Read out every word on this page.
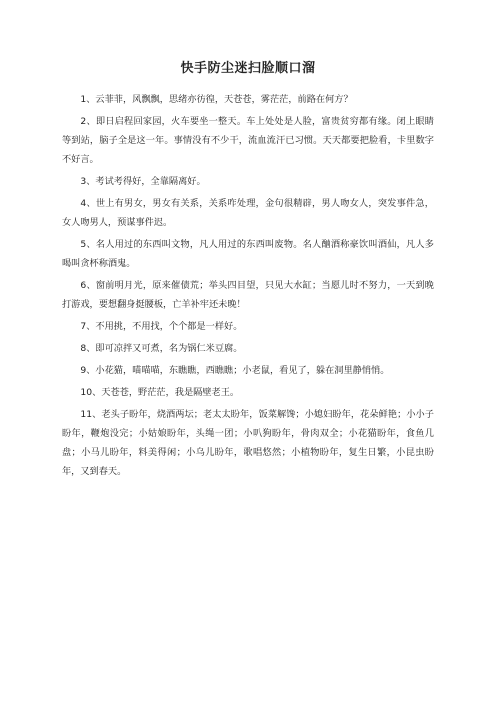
快手防尘迷扫脸顺口溜

1、云菲菲，风飘飘，思绪亦彷徨，天苍苍，雾茫茫，前路在何方？

2、即日启程回家园，火车要坐一整天。车上处处是人脸，富贵贫穷都有缘。闭上眼睛等到站，脑子全是这一年。事情没有不少干，流血流汗已习惯。天天都要把脸看，卡里数字不好言。

3、考试考得好，全靠隔离好。

4、世上有男女，男女有关系，关系咋处理，金句很精辟，男人吻女人，突发事件急，女人吻男人，预谋事件迟。

5、名人用过的东西叫文物，凡人用过的东西叫废物。名人酗酒称豪饮叫酒仙，凡人多喝叫贪杯称酒鬼。

6、窗前明月光，原来催债荒；举头四目望，只见大水缸；当愿儿时不努力，一天到晚打游戏，要想翻身挺腰板，亡羊补牢还未晚！

7、不用挑，不用找，个个都是一样好。

8、即可凉拌又可煮，名为锅仁米豆腐。

9、小花猫，喵喵喵，东瞧瞧，西瞧瞧；小老鼠，看见了，躲在洞里静悄悄。

10、天苍苍，野茫茫，我是隔壁老王。

11、老头子盼年，烧酒两坛；老太太盼年，饭菜解馋；小媳妇盼年，花朵鲜艳；小小子盼年，鞭炮没完；小姑娘盼年，头绳一团；小叭狗盼年，骨肉双全；小花猫盼年，食鱼几盘；小马儿盼年，料美得闲；小乌儿盼年，歌唱悠然；小植物盼年，复生日繁，小昆虫盼年，又到春天。
